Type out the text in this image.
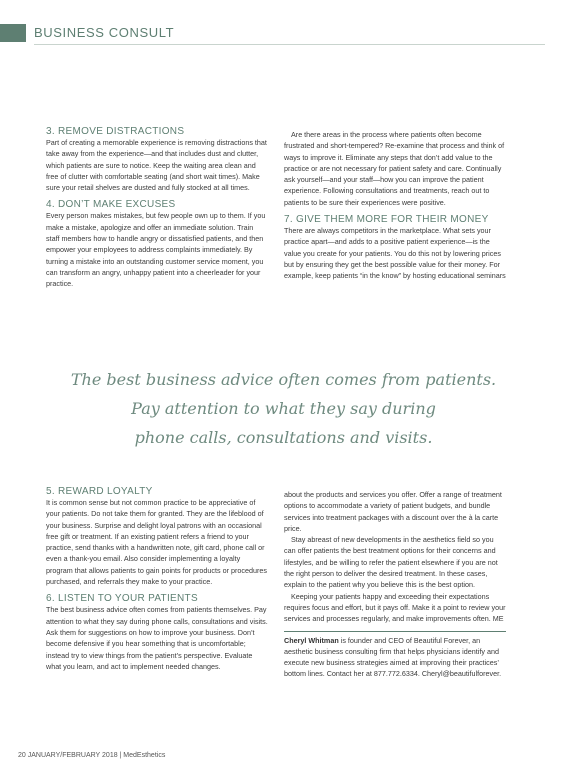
BUSINESS CONSULT
3. REMOVE DISTRACTIONS

Part of creating a memorable experience is removing distractions that take away from the experience—and that includes dust and clutter, which patients are sure to notice. Keep the waiting area clean and free of clutter with comfortable seating (and short wait times). Make sure your retail shelves are dusted and fully stocked at all times.

4. DON’T MAKE EXCUSES

Every person makes mistakes, but few people own up to them. If you make a mistake, apologize and offer an immediate solution. Train staff members how to handle angry or dissatisfied patients, and then empower your employees to address complaints immediately. By turning a mistake into an outstanding customer service moment, you can transform an angry, unhappy patient into a cheerleader for your practice.

Are there areas in the process where patients often become frustrated and short-tempered? Re-examine that process and think of ways to improve it. Eliminate any steps that don’t add value to the practice or are not necessary for patient safety and care. Continually ask yourself—and your staff—how you can improve the patient experience. Following consultations and treatments, reach out to patients to be sure their experiences were positive.

7. GIVE THEM MORE FOR THEIR MONEY

There are always competitors in the marketplace. What sets your practice apart—and adds to a positive patient experience—is the value you create for your patients. You do this not by lowering prices but by ensuring they get the best possible value for their money. For example, keep patients “in the know” by hosting educational seminars

The best business advice often comes from patients.
Pay attention to what they say during
phone calls, consultations and visits.
5. REWARD LOYALTY

It is common sense but not common practice to be appreciative of your patients. Do not take them for granted. They are the lifeblood of your business. Surprise and delight loyal patrons with an occasional free gift or treatment. If an existing patient refers a friend to your practice, send thanks with a handwritten note, gift card, phone call or even a thank-you email. Also consider implementing a loyalty program that allows patients to gain points for products or procedures purchased, and referrals they make to your practice.

6. LISTEN TO YOUR PATIENTS

The best business advice often comes from patients themselves. Pay attention to what they say during phone calls, consultations and visits. Ask them for suggestions on how to improve your business. Don’t become defensive if you hear something that is uncomfortable; instead try to view things from the patient’s perspective. Evaluate what you learn, and act to implement needed changes.

about the products and services you offer. Offer a range of treatment options to accommodate a variety of patient budgets, and bundle services into treatment packages with a discount over the à la carte price.

Stay abreast of new developments in the aesthetics field so you can offer patients the best treatment options for their concerns and lifestyles, and be willing to refer the patient elsewhere if you are not the right person to deliver the desired treatment. In these cases, explain to the patient why you believe this is the best option.

Keeping your patients happy and exceeding their expectations requires focus and effort, but it pays off. Make it a point to review your services and processes regularly, and make improvements often. ME

Cheryl Whitman is founder and CEO of Beautiful Forever, an aesthetic business consulting firm that helps physicians identify and execute new business strategies aimed at improving their practices’ bottom lines. Contact her at 877.772.6334. Cheryl@beautifulforever.

20 JANUARY/FEBRUARY 2018 | MedEsthetics
